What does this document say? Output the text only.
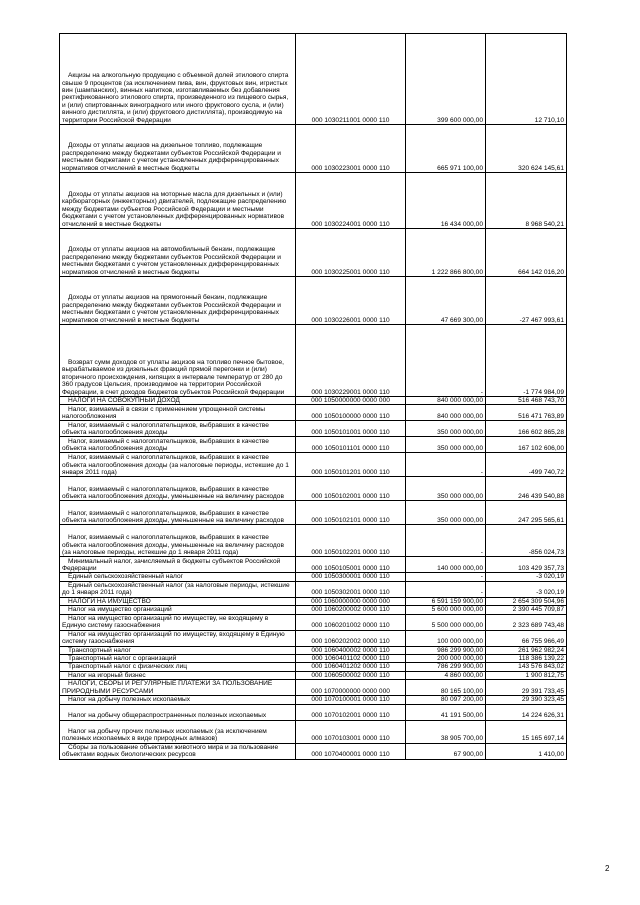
Акцизы на алкогольную продукцию с объемной долей этилового спирта свыше 9 процентов (за исключением пива, вин, фруктовых вин, игристых вин (шампанских), винных напитков, изготавливаемых без добавления ректификованного этилового спирта, произведенного из пищевого сырья, и (или) спиртованных виноградного или иного фруктового сусла, и (или) винного дистиллята, и (или) фруктового дистиллята), производимую на территории Российской Федерации	000 1030211001 0000 110	399 600 000,00	12 710,10
Доходы от уплаты акцизов на дизельное топливо, подлежащие распределению между бюджетами субъектов Российской Федерации и местными бюджетами с учетом установленных дифференцированных нормативов отчислений в местные бюджеты	000 1030223001 0000 110	665 971 100,00	320 624 145,61
Доходы от уплаты акцизов на моторные масла для дизельных и (или) карбюраторных (инжекторных) двигателей, подлежащие распределению между бюджетами субъектов Российской Федерации и местными бюджетами с учетом установленных дифференцированных нормативов отчислений в местные бюджеты	000 1030224001 0000 110	16 434 000,00	8 968 540,21
Доходы от уплаты акцизов на автомобильный бензин, подлежащие распределению между бюджетами субъектов Российской Федерации и местными бюджетами с учетом установленных дифференцированных нормативов отчислений в местные бюджеты	000 1030225001 0000 110	1 222 866 800,00	664 142 016,20
Доходы от уплаты акцизов на прямогонный бензин, подлежащие распределению между бюджетами субъектов Российской Федерации и местными бюджетами с учетом установленных дифференцированных нормативов отчислений в местные бюджеты	000 1030226001 0000 110	47 669 300,00	-27 467 993,61
Возврат сумм доходов от уплаты акцизов на топливо печное бытовое, вырабатываемое из дизельных фракций прямой перегонки и (или) вторичного происхождения, кипящих в интервале температур от 280 до 360 градусов Цельсия, производимое на территории Российской Федерации, в счет доходов бюджетов субъектов Российской Федерации	000 1030229001 0000 110	-	-1 774 984,09
НАЛОГИ НА СОВОКУПНЫЙ ДОХОД	000 1050000000 0000 000	840 000 000,00	516 468 743,70
Налог, взимаемый в связи с применением упрощенной системы налогообложения	000 1050100000 0000 110	840 000 000,00	516 471 763,89
Налог, взимаемый с налогоплательщиков, выбравших в качестве объекта налогообложения доходы	000 1050101001 0000 110	350 000 000,00	166 602 865,28
Налог, взимаемый с налогоплательщиков, выбравших в качестве объекта налогообложения доходы	000 1050101101 0000 110	350 000 000,00	167 102 606,00
Налог, взимаемый с налогоплательщиков, выбравших в качестве объекта налогообложения доходы (за налоговые периоды, истекшие до 1 января 2011 года)	000 1050101201 0000 110	-	-499 740,72
Налог, взимаемый с налогоплательщиков, выбравших в качестве объекта налогообложения доходы, уменьшенные на величину расходов	000 1050102001 0000 110	350 000 000,00	246 439 540,88
Налог, взимаемый с налогоплательщиков, выбравших в качестве объекта налогообложения доходы, уменьшенные на величину расходов	000 1050102101 0000 110	350 000 000,00	247 295 565,61
Налог, взимаемый с налогоплательщиков, выбравших в качестве объекта налогообложения доходы, уменьшенные на величину расходов (за налоговые периоды, истекшие до 1 января 2011 года)	000 1050102201 0000 110	-	-856 024,73
Минимальный налог, зачисляемый в бюджеты субъектов Российской Федерации	000 1050105001 0000 110	140 000 000,00	103 429 357,73
Единый сельскохозяйственный налог	000 1050300001 0000 110	-	-3 020,19
Единый сельскохозяйственный налог (за налоговые периоды, истекшие до 1 января 2011 года)	000 1050302001 0000 110	-	-3 020,19
НАЛОГИ НА ИМУЩЕСТВО	000 1060000000 0000 000	6 591 159 900,00	2 654 309 504,96
Налог на имущество организаций	000 1060200002 0000 110	5 600 000 000,00	2 390 445 709,87
Налог на имущество организаций по имуществу, не входящему в Единую систему газоснабжения	000 1060201002 0000 110	5 500 000 000,00	2 323 689 743,48
Налог на имущество организаций по имуществу, входящему в Единую систему газоснабжения	000 1060202002 0000 110	100 000 000,00	66 755 966,49
Транспортный налог	000 1060400002 0000 110	986 299 900,00	261 962 982,24
Транспортный налог с организаций	000 1060401102 0000 110	200 000 000,00	118 386 139,22
Транспортный налог с физических лиц	000 1060401202 0000 110	786 299 900,00	143 576 843,02
Налог на игорный бизнес	000 1060500002 0000 110	4 860 000,00	1 900 812,75
НАЛОГИ, СБОРЫ И РЕГУЛЯРНЫЕ ПЛАТЕЖИ ЗА ПОЛЬЗОВАНИЕ ПРИРОДНЫМИ РЕСУРСАМИ	000 1070000000 0000 000	80 165 100,00	29 391 733,45
Налог на добычу полезных ископаемых	000 1070100001 0000 110	80 097 200,00	29 390 323,45
Налог на добычу общераспространенных полезных ископаемых	000 1070102001 0000 110	41 191 500,00	14 224 626,31
Налог на добычу прочих полезных ископаемых (за исключением полезных ископаемых в виде природных алмазов)	000 1070103001 0000 110	38 905 700,00	15 165 697,14
Сборы за пользование объектами животного мира и за пользование объектами водных биологических ресурсов	000 1070400001 0000 110	67 900,00	1 410,00
2
